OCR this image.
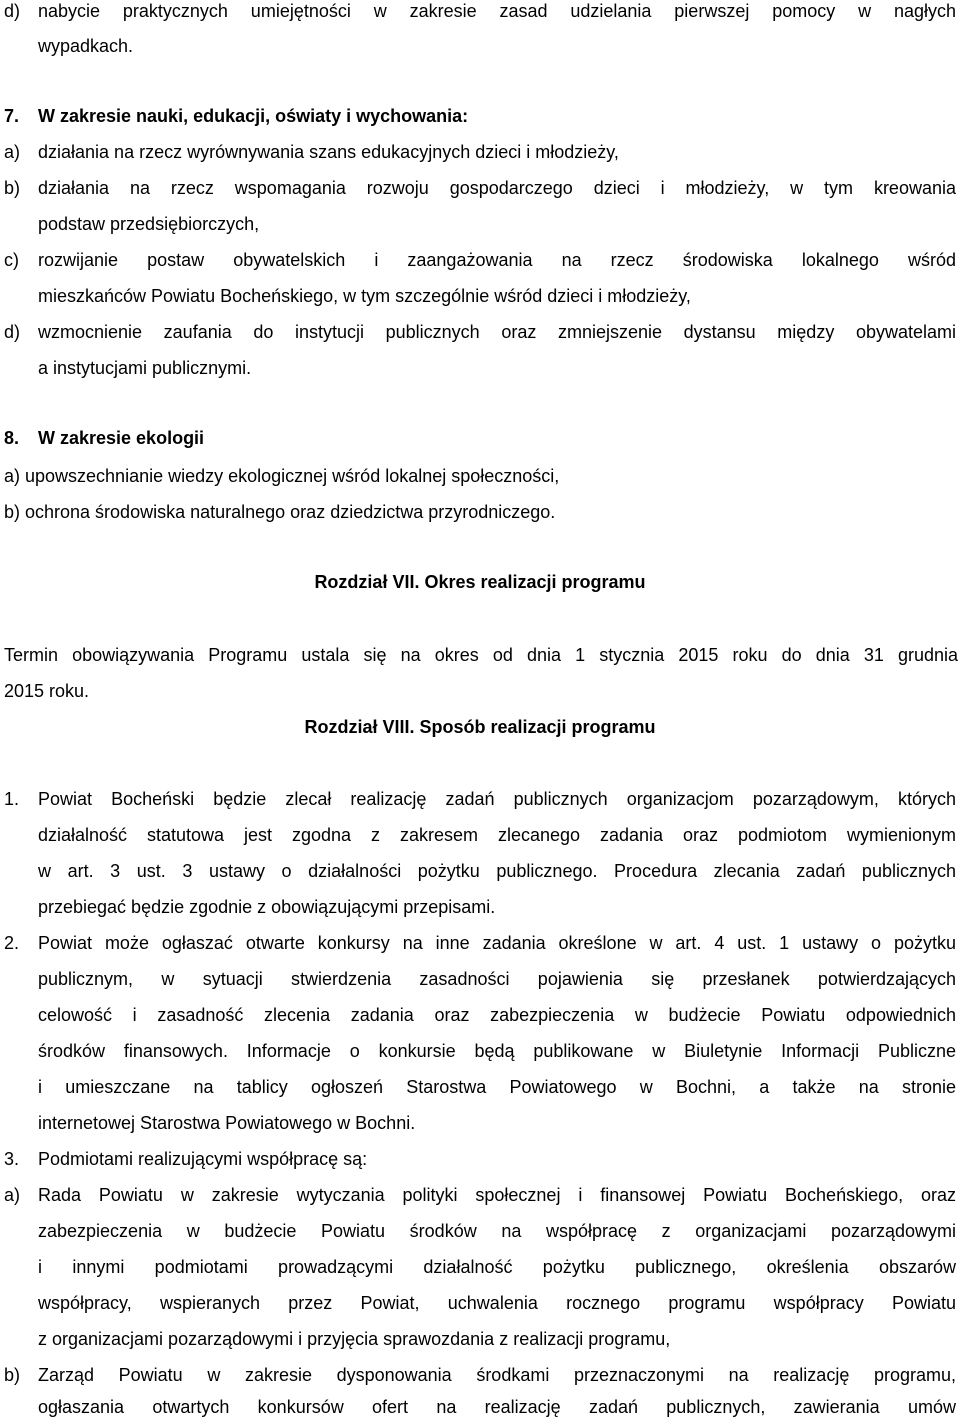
d) nabycie praktycznych umiejętności w zakresie zasad udzielania pierwszej pomocy w nagłych
wypadkach.
7. W zakresie nauki, edukacji, oświaty i wychowania:
a) działania na rzecz wyrównywania szans edukacyjnych dzieci i młodzieży,
b) działania na rzecz wspomagania rozwoju gospodarczego dzieci i młodzieży, w tym kreowania
podstaw przedsiębiorczych,
c) rozwijanie postaw obywatelskich i zaangażowania na rzecz środowiska lokalnego wśród
mieszkańców Powiatu Bocheńskiego, w tym szczególnie wśród dzieci i młodzieży,
d) wzmocnienie zaufania do instytucji publicznych oraz zmniejszenie dystansu między obywatelami
a instytucjami publicznymi.
8. W zakresie ekologii
a) upowszechnianie wiedzy ekologicznej wśród lokalnej społeczności,
b) ochrona środowiska naturalnego oraz dziedzictwa przyrodniczego.
Rozdział VII. Okres realizacji programu
Termin obowiązywania Programu ustala się na okres od dnia 1 stycznia 2015 roku do dnia 31 grudnia
2015 roku.
Rozdział VIII. Sposób realizacji programu
1. Powiat Bocheński będzie zlecał realizację zadań publicznych organizacjom pozarządowym, których
działalność statutowa jest zgodna z zakresem zlecanego zadania oraz podmiotom wymienionym
w art. 3 ust. 3 ustawy o działalności pożytku publicznego. Procedura zlecania zadań publicznych
przebiegać będzie zgodnie z obowiązującymi przepisami.
2. Powiat może ogłaszać otwarte konkursy na inne zadania określone w art. 4 ust. 1 ustawy o pożytku
publicznym, w sytuacji stwierdzenia zasadności pojawienia się przesłanek potwierdzających
celowość i zasadność zlecenia zadania oraz zabezpieczenia w budżecie Powiatu odpowiednich
środków finansowych. Informacje o konkursie będą publikowane w Biuletynie Informacji Publiczne
i umieszczane na tablicy ogłoszeń Starostwa Powiatowego w Bochni, a także na stronie
internetowej Starostwa Powiatowego w Bochni.
3. Podmiotami realizującymi współpracę są:
a) Rada Powiatu w zakresie wytyczania polityki społecznej i finansowej Powiatu Bocheńskiego, oraz
zabezpieczenia w budżecie Powiatu środków na współpracę z organizacjami pozarządowymi
i innymi podmiotami prowadzącymi działalność pożytku publicznego, określenia obszarów
współpracy, wspieranych przez Powiat, uchwalenia rocznego programu współpracy Powiatu
z organizacjami pozarządowymi i przyjęcia sprawozdania z realizacji programu,
b) Zarząd Powiatu w zakresie dysponowania środkami przeznaczonymi na realizację programu,
ogłaszania otwartych konkursów ofert na realizację zadań publicznych, zawierania umów
